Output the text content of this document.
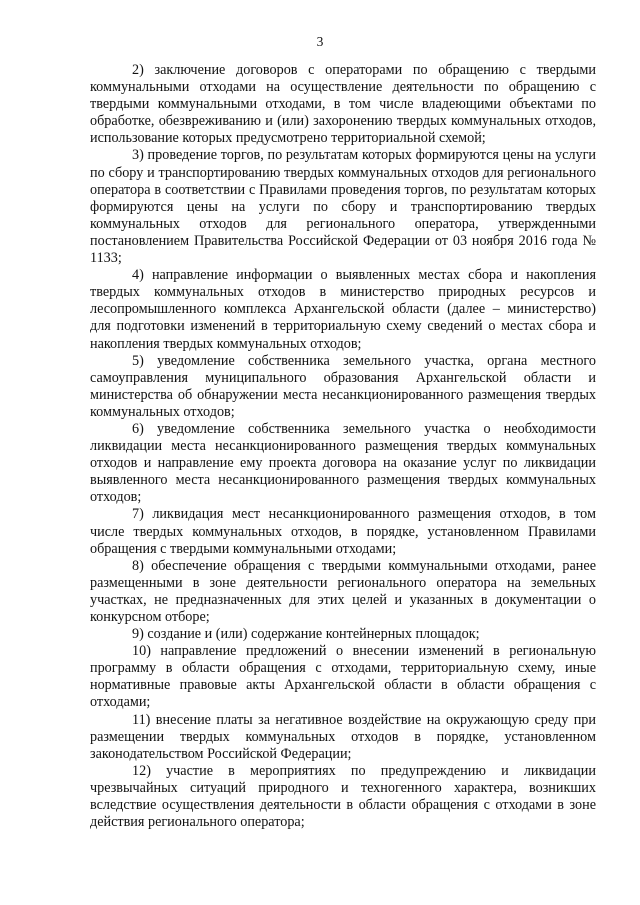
3

2) заключение договоров с операторами по обращению с твердыми коммунальными отходами на осуществление деятельности по обращению с твердыми коммунальными отходами, в том числе владеющими объектами по обработке, обезвреживанию и (или) захоронению твердых коммунальных отходов, использование которых предусмотрено территориальной схемой;

3) проведение торгов, по результатам которых формируются цены на услуги по сбору и транспортированию твердых коммунальных отходов для регионального оператора в соответствии с Правилами проведения торгов, по результатам которых формируются цены на услуги по сбору и транспортированию твердых коммунальных отходов для регионального оператора, утвержденными постановлением Правительства Российской Федерации от 03 ноября 2016 года № 1133;

4) направление информации о выявленных местах сбора и накопления твердых коммунальных отходов в министерство природных ресурсов и лесопромышленного комплекса Архангельской области (далее – министерство) для подготовки изменений в территориальную схему сведений о местах сбора и накопления твердых коммунальных отходов;

5) уведомление собственника земельного участка, органа местного самоуправления муниципального образования Архангельской области и министерства об обнаружении места несанкционированного размещения твердых коммунальных отходов;

6) уведомление собственника земельного участка о необходимости ликвидации места несанкционированного размещения твердых коммунальных отходов и направление ему проекта договора на оказание услуг по ликвидации выявленного места несанкционированного размещения твердых коммунальных отходов;

7) ликвидация мест несанкционированного размещения отходов, в том числе твердых коммунальных отходов, в порядке, установленном Правилами обращения с твердыми коммунальными отходами;

8) обеспечение обращения с твердыми коммунальными отходами, ранее размещенными в зоне деятельности регионального оператора на земельных участках, не предназначенных для этих целей и указанных в документации о конкурсном отборе;

9) создание и (или) содержание контейнерных площадок;

10) направление предложений о внесении изменений в региональную программу в области обращения с отходами, территориальную схему, иные нормативные правовые акты Архангельской области в области обращения с отходами;

11) внесение платы за негативное воздействие на окружающую среду при размещении твердых коммунальных отходов в порядке, установленном законодательством Российской Федерации;

12) участие в мероприятиях по предупреждению и ликвидации чрезвычайных ситуаций природного и техногенного характера, возникших вследствие осуществления деятельности в области обращения с отходами в зоне действия регионального оператора;
